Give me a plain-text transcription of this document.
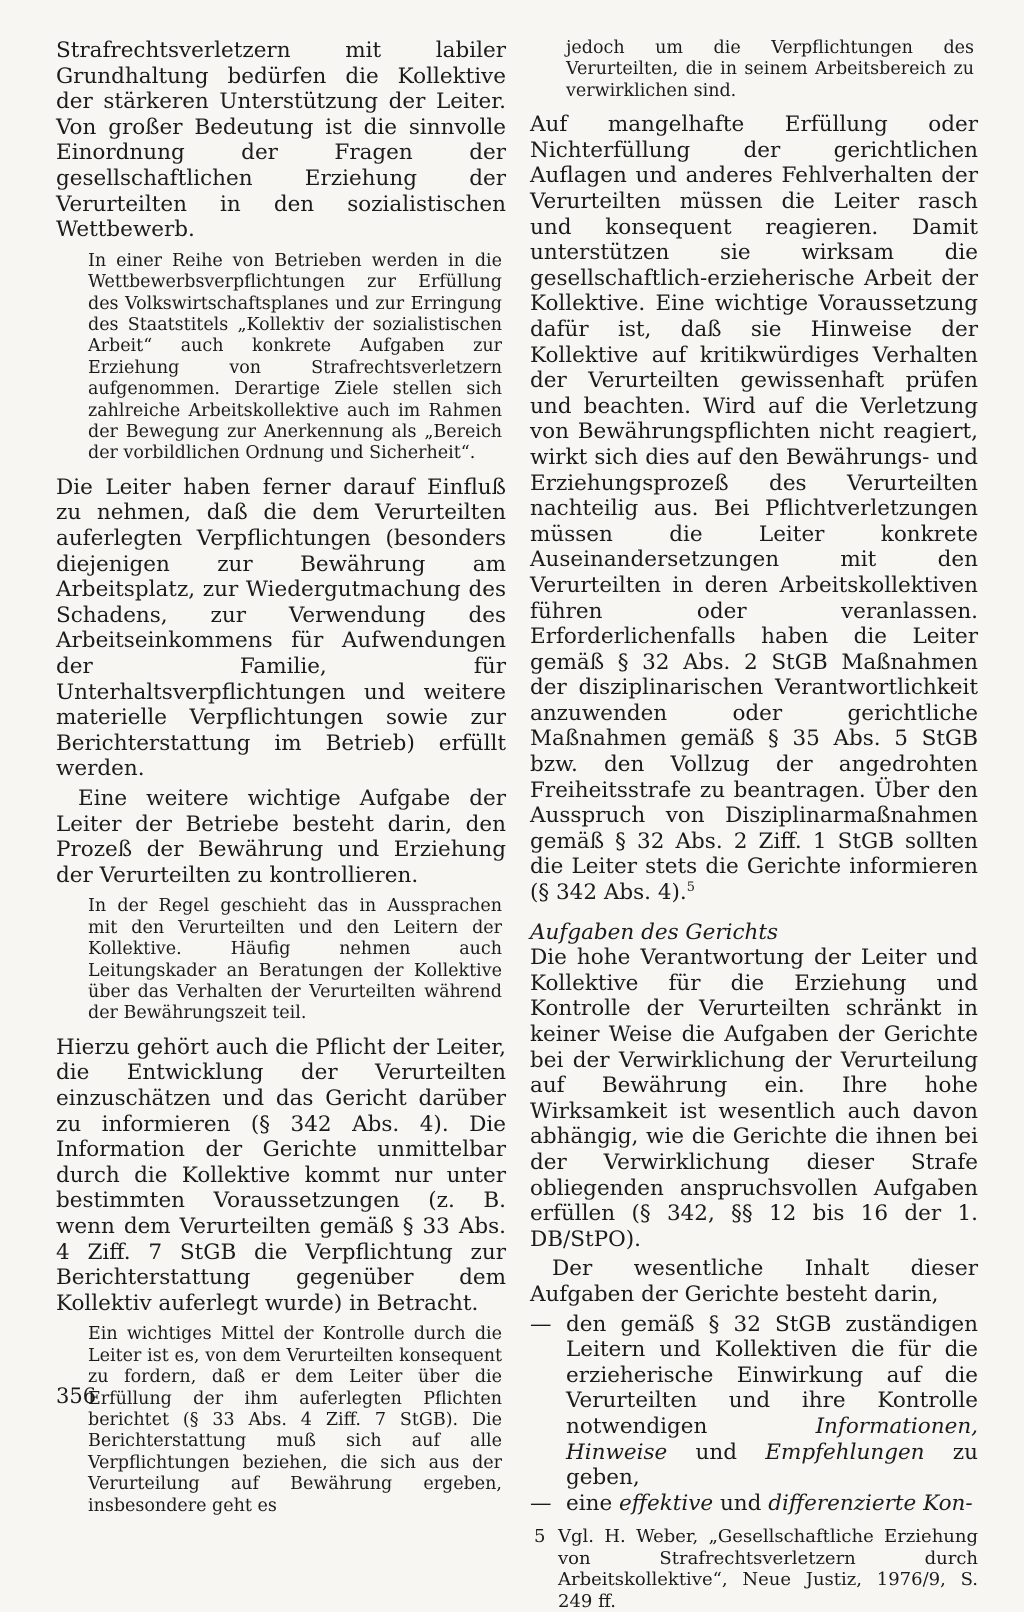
Strafrechtsverletzern mit labiler Grundhaltung bedürfen die Kollektive der stärkeren Unterstützung der Leiter. Von großer Bedeutung ist die sinnvolle Einordnung der Fragen der gesellschaftlichen Erziehung der Verurteilten in den sozialistischen Wettbewerb.

In einer Reihe von Betrieben werden in die Wettbewerbsverpflichtungen zur Erfüllung des Volkswirtschaftsplanes und zur Erringung des Staatstitels „Kollektiv der sozialistischen Arbeit“ auch konkrete Aufgaben zur Erziehung von Strafrechtsverletzern aufgenommen. Derartige Ziele stellen sich zahlreiche Arbeitskollektive auch im Rahmen der Bewegung zur Anerkennung als „Bereich der vorbildlichen Ordnung und Sicherheit“.

Die Leiter haben ferner darauf Einfluß zu nehmen, daß die dem Verurteilten auferlegten Verpflichtungen (besonders diejenigen zur Bewährung am Arbeitsplatz, zur Wiedergutmachung des Schadens, zur Verwendung des Arbeitseinkommens für Aufwendungen der Familie, für Unterhaltsverpflichtungen und weitere materielle Verpflichtungen sowie zur Berichterstattung im Betrieb) erfüllt werden.

Eine weitere wichtige Aufgabe der Leiter der Betriebe besteht darin, den Prozeß der Bewährung und Erziehung der Verurteilten zu kontrollieren.

In der Regel geschieht das in Aussprachen mit den Verurteilten und den Leitern der Kollektive. Häufig nehmen auch Leitungskader an Beratungen der Kollektive über das Verhalten der Verurteilten während der Bewährungszeit teil.

Hierzu gehört auch die Pflicht der Leiter, die Entwicklung der Verurteilten einzuschätzen und das Gericht darüber zu informieren (§ 342 Abs. 4). Die Information der Gerichte unmittelbar durch die Kollektive kommt nur unter bestimmten Voraussetzungen (z. B. wenn dem Verurteilten gemäß § 33 Abs. 4 Ziff. 7 StGB die Verpflichtung zur Berichterstattung gegenüber dem Kollektiv auferlegt wurde) in Betracht.

Ein wichtiges Mittel der Kontrolle durch die Leiter ist es, von dem Verurteilten konsequent zu fordern, daß er dem Leiter über die Erfüllung der ihm auferlegten Pflichten berichtet (§ 33 Abs. 4 Ziff. 7 StGB). Die Berichterstattung muß sich auf alle Verpflichtungen beziehen, die sich aus der Verurteilung auf Bewährung ergeben, insbesondere geht es

jedoch um die Verpflichtungen des Verurteilten, die in seinem Arbeitsbereich zu verwirklichen sind.

Auf mangelhafte Erfüllung oder Nichterfüllung der gerichtlichen Auflagen und anderes Fehlverhalten der Verurteilten müssen die Leiter rasch und konsequent reagieren. Damit unterstützen sie wirksam die gesellschaftlich-erzieherische Arbeit der Kollektive. Eine wichtige Voraussetzung dafür ist, daß sie Hinweise der Kollektive auf kritikwürdiges Verhalten der Verurteilten gewissenhaft prüfen und beachten. Wird auf die Verletzung von Bewährungspflichten nicht reagiert, wirkt sich dies auf den Bewährungs- und Erziehungsprozeß des Verurteilten nachteilig aus. Bei Pflichtverletzungen müssen die Leiter konkrete Auseinandersetzungen mit den Verurteilten in deren Arbeitskollektiven führen oder veranlassen. Erforderlichenfalls haben die Leiter gemäß § 32 Abs. 2 StGB Maßnahmen der disziplinarischen Verantwortlichkeit anzuwenden oder gerichtliche Maßnahmen gemäß § 35 Abs. 5 StGB bzw. den Vollzug der angedrohten Freiheitsstrafe zu beantragen. Über den Ausspruch von Disziplinarmaßnahmen gemäß § 32 Abs. 2 Ziff. 1 StGB sollten die Leiter stets die Gerichte informieren (§ 342 Abs. 4).$^5$

Aufgaben des Gerichts

Die hohe Verantwortung der Leiter und Kollektive für die Erziehung und Kontrolle der Verurteilten schränkt in keiner Weise die Aufgaben der Gerichte bei der Verwirklichung der Verurteilung auf Bewährung ein. Ihre hohe Wirksamkeit ist wesentlich auch davon abhängig, wie die Gerichte die ihnen bei der Verwirklichung dieser Strafe obliegenden anspruchsvollen Aufgaben erfüllen (§ 342, §§ 12 bis 16 der 1. DB/StPO).

Der wesentliche Inhalt dieser Aufgaben der Gerichte besteht darin,

— den gemäß § 32 StGB zuständigen Leitern und Kollektiven die für die erzieherische Einwirkung auf die Verurteilten und ihre Kontrolle notwendigen Informationen, Hinweise und Empfehlungen zu geben,
— eine effektive und differenzierte Kon-
5 Vgl. H. Weber, „Gesellschaftliche Erziehung von Strafrechtsverletzern durch Arbeitskollektive“, Neue Justiz, 1976/9, S. 249 ff.
356
